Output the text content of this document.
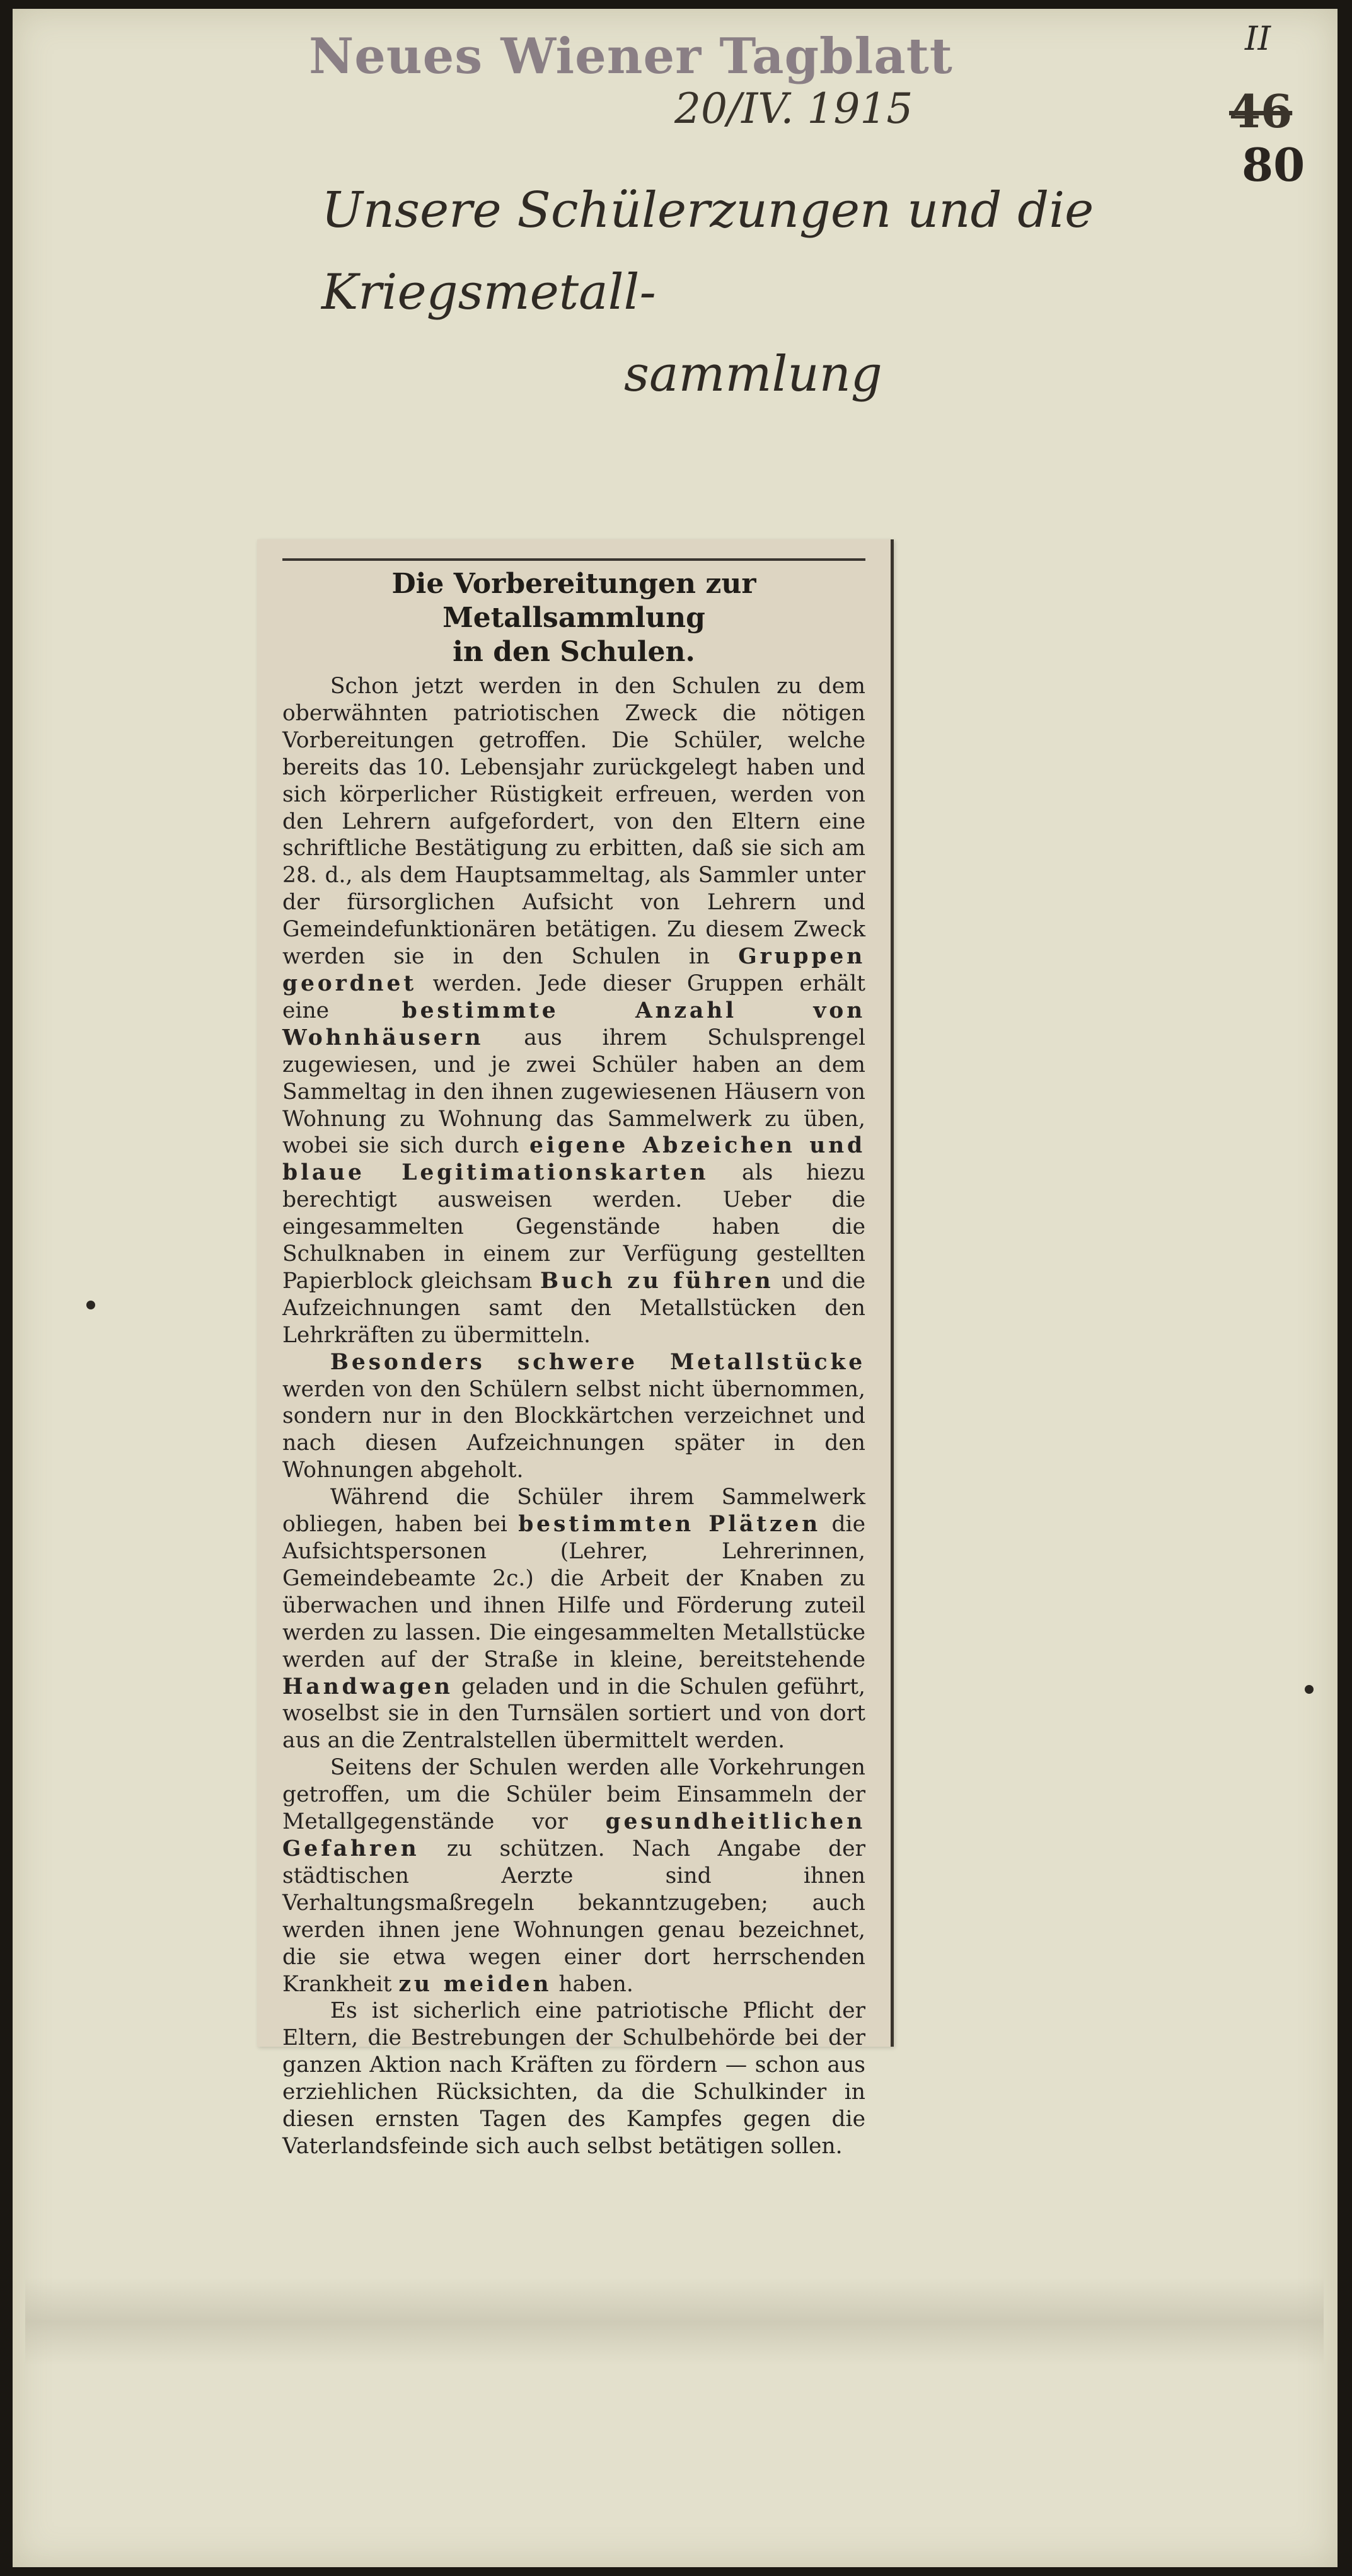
Neues Wiener Tagblatt
20/IV. 1915
II
46
80
Unsere Schülerzungen und die Kriegsmetall-
sammlung
Die Vorbereitungen zur Metallsammlung
in den Schulen.

Schon jetzt werden in den Schulen zu dem oberwähnten patriotischen Zweck die nötigen Vorbereitungen getroffen. Die Schüler, welche bereits das 10. Lebensjahr zurückgelegt haben und sich körperlicher Rüstigkeit erfreuen, werden von den Lehrern aufgefordert, von den Eltern eine schriftliche Bestätigung zu erbitten, daß sie sich am 28. d., als dem Hauptsammeltag, als Sammler unter der fürsorglichen Aufsicht von Lehrern und Gemeindefunktionären betätigen. Zu diesem Zweck werden sie in den Schulen in Gruppen geordnet werden. Jede dieser Gruppen erhält eine	bestimmte Anzahl von Wohnhäusern aus ihrem Schulsprengel zugewiesen, und je zwei Schüler haben an dem Sammeltag in den ihnen zugewiesenen Häusern von Wohnung zu Wohnung das Sammelwerk zu üben, wobei sie sich durch eigene Abzeichen und blaue Legitimationskarten als hiezu berechtigt ausweisen werden. Ueber die eingesammelten Gegenstände haben die Schulknaben in einem zur Verfügung gestellten Papierblock gleichsam Buch zu führen und die Aufzeichnungen samt den Metallstücken den Lehrkräften zu übermitteln.

Besonders schwere Metallstücke werden von den Schülern selbst nicht übernommen, sondern nur in den Blockkärtchen verzeichnet und nach diesen Aufzeichnungen später in den Wohnungen abgeholt.

Während die Schüler ihrem Sammelwerk obliegen, haben bei bestimmten Plätzen die Aufsichtspersonen (Lehrer, Lehrerinnen, Gemeindebeamte 2c.) die Arbeit der Knaben zu überwachen und ihnen Hilfe und Förderung zuteil werden zu lassen. Die eingesammelten Metallstücke werden auf der Straße in kleine, bereitstehende Handwagen geladen und in die Schulen geführt, woselbst sie in den Turnsälen sortiert und von dort aus an die Zentralstellen übermittelt werden.

Seitens der Schulen werden alle Vorkehrungen getroffen, um die Schüler beim Einsammeln der Metallgegenstände vor gesundheitlichen Gefahren zu schützen. Nach Angabe der städtischen Aerzte sind ihnen Verhaltungsmaßregeln bekanntzugeben; auch werden ihnen jene Wohnungen genau bezeichnet, die sie etwa wegen einer dort herrschenden Krankheit zu meiden haben.

Es ist sicherlich eine patriotische Pflicht der Eltern, die Bestrebungen der Schulbehörde bei der ganzen Aktion nach Kräften zu fördern — schon aus erziehlichen Rücksichten, da die Schulkinder in diesen ernsten Tagen des Kampfes gegen die Vaterlandsfeinde sich auch selbst betätigen sollen.
